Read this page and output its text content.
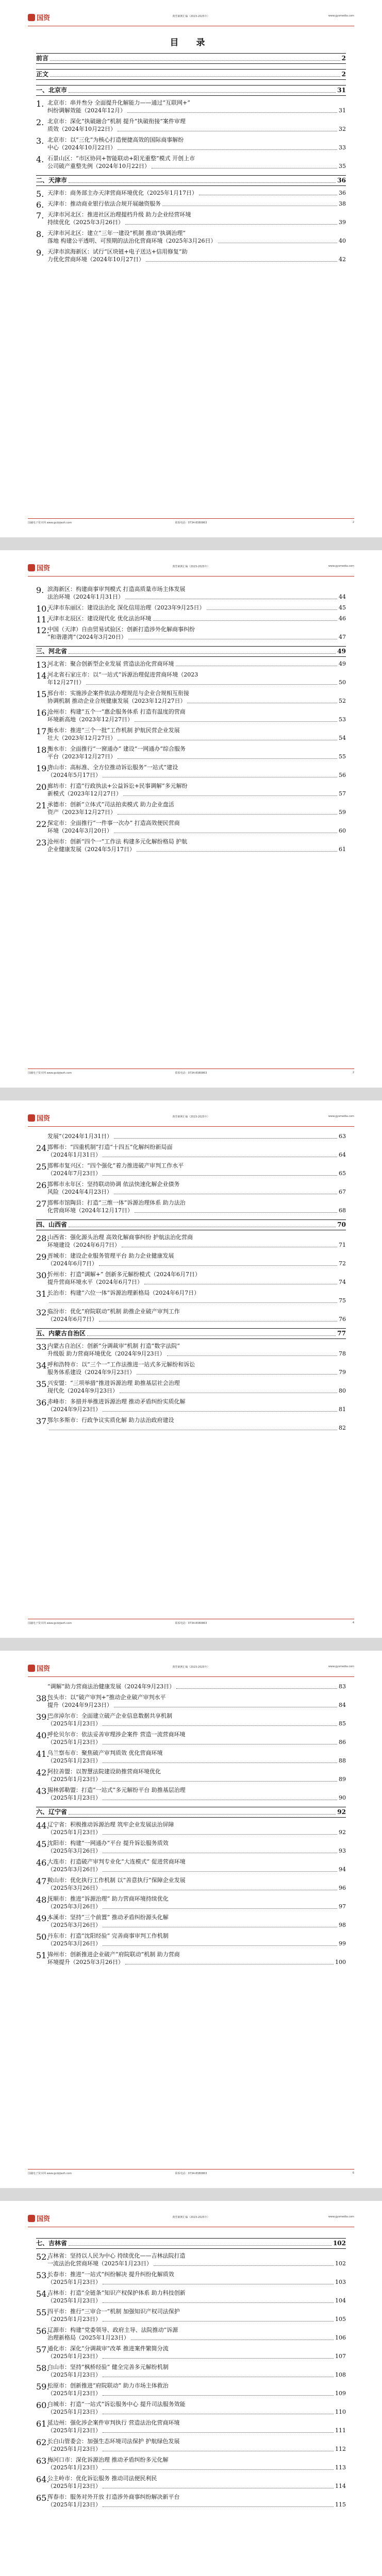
国资	典型案例汇编（2023-2025年）	www.gysmedia.com
目 录
前言	2
正文	2
一、北京市	31
1. 北京市：串并叁分 全面提升化解能力——通过“互联网+”
纠纷调解效能（2024年12月）	31
2. 北京市：深化“执破融合”机制 提升“执破衔接”案件审理
质效（2024年10月22日）	32
3. 北京市：以“三化”为核心打造便捷高效的国际商事解纷
中心（2024年10月22日）	33
4. 石景山区：“市区协同+智能联动+阳光重整”模式 开创上市
公司破产重整先例（2024年10月22日）	35
二、天津市	36
5. 天津市：商务部主办天津营商环境优化（2025年1月17日）	36
6. 天津市：推动商业银行依法合规开展融资服务	38
7. 天津市河北区：推进社区治理提档升级 助力企业经营环境
持续优化（2025年3月26日）	39
8. 天津市河北区：建立“三年一建设”机制 推动“执调治理”
落地 构建公平透明、可预期的法治化营商环境（2025年3月26日）	40
9. 天津市滨海新区：试行“区块链+电子送达+信用修复”助
力优化营商环境（2024年10月27日）	42
国融电子资本网 www.gcdzjwzh.com	联系电话：0734-8380863	2
国资	典型案例汇编（2023-2025年）	www.gysmedia.com
9. 滨海新区：构建商事审判模式 打造高质量市场主体发展
法治环境（2024年1月31日）	44
10.
天津市东丽区：建设法治化 深化信用治理（2023年9月25日）	45
11.
天津市北辰区：建设现代化 优化法治环境	46
12.
中国（天津）自由贸易试验区：创新打造涉外化解商事纠纷
“和谐港湾”（2024年3月20日）	47
三、河北省	49
13.
河北省：聚合创新型企业发展 营造法治化营商环境	49
14.
河北省石家庄市：以“一站式”诉源治理促进营商环境（2023
年12月27日）	50
15.
邢台市：实施涉企案件依法办理规范与企业合规相互衔接
协调机制 推动企业合规健康发展（2023年12月27日）	52
16.
沧州市：构建“五个一”惠企服务体系 打造有温度的营商
环境新高地（2023年12月27日）	53
17.
衡水市：推进“三个一批”工作机制 护航民营企业发展
壮大（2023年12月27日）	54
18.
衡水市：全面推行“一窗通办” 建设“一网通办”综合服务
平台（2023年12月27日）	55
19.
唐山市：高标准、全方位推动诉讼服务“一站式”建设
（2024年5月17日）	56
20.
廊坊市：打造“行政执法+公益诉讼+民事调解”多元解纷
新模式（2023年12月27日）	57
21.
承德市：创新“立体式”司法拍卖模式 助力企业盘活
资产（2023年12月27日）	59
22.
保定市：全面推行“一件事一次办” 打造高效便民营商
环境（2024年3月20日）	60
23.
沧州市：创新“四个一”工作法 构建多元化解纷格局 护航
企业健康发展（2024年5月17日）	61
国融电子资本网 www.gcdzjwzh.com	联系电话：0734-8380863	2
国资	典型案例汇编（2023-2025年）	www.gysmedia.com
发展”（2024年1月31日）	63
24.
邯郸市：“四重机制”打造“十四五”化解纠纷新局面
（2024年1月31日）	64
25.
邯郸市复兴区：“四个强化”着力推进破产审判工作水平
（2024年7月23日）	65
26.
邯郸市永年区：坚持联动协调 依法快速化解企业债务
风险（2024年4月23日）	67
27.
邯郸市馆陶县：打造“三维一体”诉源治理体系 助力法治
化营商环境（2024年12月17日）	68
四、山西省	70
28.
山西省：强化源头治理 高效化解商事纠纷 护航法治化营商
环境建设（2024年6月7日）	71
29.
晋城市：建设企业服务管理平台 助力企业健康发展
（2024年6月7日）	72
30.
忻州市：打造“调解+” 创新多元解纷模式（2024年6月7日）
提升营商环境水平（2024年6月7日）	74
31.
长治市：构建“六位一体”诉源治理新格局（2024年6月7日）
75
32.
临汾市：优化“府院联动”机制 助推企业破产审判工作
（2024年6月7日）	76
五、内蒙古自治区	77
33.
内蒙古自治区：创新“分调裁审”机制 打造“数字法院”
升级版 助力营商环境优化（2024年9月23日）	78
34.
呼和浩特市：以“三个一”工作法推进一站式多元解纷和诉讼
服务体系建设（2024年9月23日）	79
35.
兴安盟：“三项举措”推进诉源治理 助推基层社会治理
现代化（2024年9月23日）	80
36.
赤峰市：多措并举推进诉源治理 推动矛盾纠纷实质化解
（2024年9月23日）	81
37.
鄂尔多斯市：行政争议实质化解 助力法治政府建设
82
国融电子资本网 www.gcdzjwzh.com	联系电话：0734-8380863	4
国资	典型案例汇编（2023-2025年）	www.gysmedia.com
“调解”助力营商法治健康发展（2024年9月23日）	83
38.
包头市：以“破产审判+”推动企业破产审判水平
提升（2024年9月23日）	84
39.
巴彦淖尔市：全面建立破产企业信息数据共享机制
（2025年1月23日）	85
40.
呼伦贝尔市：依法妥善审理涉企案件 营造一流营商环境
（2025年1月23日）	86
41.
乌兰察布市：聚焦破产审判质效 优化营商环境
（2025年1月23日）	88
42.
阿拉善盟：以智慧法院建设助推营商环境优化
（2025年1月23日）	89
43.
锡林郭勒盟：打造“一站式”多元解纷平台 助推基层治理
（2025年1月23日）	90
六、辽宁省	92
44.
辽宁省：积极推动诉源治理 筑牢企业发展法治屏障
（2025年1月23日）	92
45.
沈阳市：构建“一网通办”平台 提升诉讼服务质效
（2025年3月26日）	93
46.
大连市：打造破产审判专业化“大连模式” 促进营商环境
（2025年3月26日）	94
47.
鞍山市：优化执行工作机制 以“善意执行”保障企业发展
（2025年3月26日）	96
48.
抚顺市：推进“诉源治理” 助力营商环境持续优化
（2025年3月26日）	97
49.
本溪市：坚持“三个前置” 推动矛盾纠纷源头化解
（2025年3月26日）	98
50.
丹东市：打造“沈阳经验” 完善商事审判工作机制
（2025年3月26日）	99
51.
锦州市：创新推进企业破产“府院联动”机制 助力营商
环境提升（2025年3月26日）	100
国融电子资本网 www.gcdzjwzh.com	联系电话：0734-8380863	6
国资	典型案例汇编（2023-2025年）	www.gysmedia.com
七、吉林省	102
52.
吉林省：坚持以人民为中心 持续优化——吉林法院打造
一流法治化营商环境（2025年1月23日）	102
53.
长春市：推进“一站式”纠纷解决 提升纠纷化解质效
（2025年1月23日）	103
54.
吉林市：打造“全链条”知识产权保护体系 助力科技创新
（2025年1月23日）	104
55.
四平市：推行“三审合一”机制 加强知识产权司法保护
（2025年1月23日）	105
56.
辽源市：构建“党委领导、政府主导、法院推动”诉源
治理新格局（2025年1月23日）	106
57.
通化市：深化“分调裁审”改革 推进案件繁简分流
（2025年1月23日）	107
58.
白山市：坚持“枫桥经验” 健全完善多元解纷机制
（2025年1月23日）	108
59.
松原市：创新推进“府院联动” 助力市场主体救治
（2025年1月23日）	109
60.
白城市：打造“一站式”诉讼服务中心 提升司法服务效能
（2025年1月23日）	110
61.
延边州：强化涉企案件审判执行 营造法治化营商环境
（2025年1月23日）	111
62.
长白山管委会：加强生态环境司法保护 护航绿色发展
（2025年1月23日）	112
63.
梅河口市：深化诉源治理 推动矛盾纠纷多元化解
（2025年1月23日）	113
64.
公主岭市：优化诉讼服务 推动司法便民利民
（2025年1月23日）	114
65.
珲春市：服务对外开放 打造涉外商事纠纷解决新平台
（2025年1月23日）	115
